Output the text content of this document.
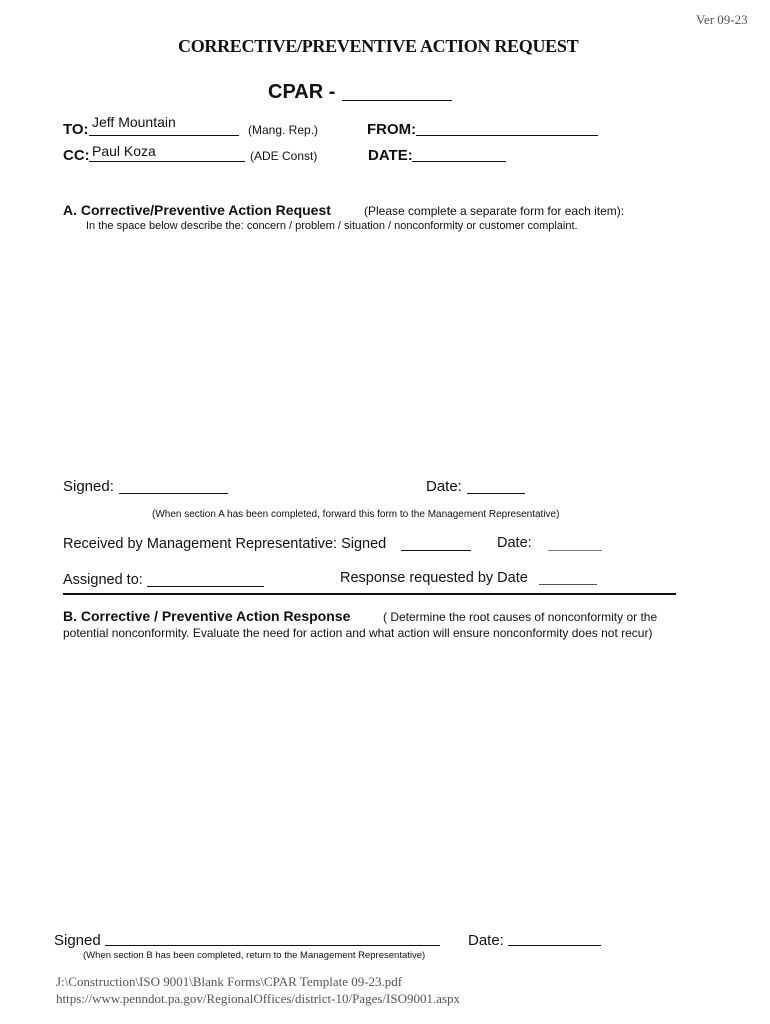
Ver 09-23
CORRECTIVE/PREVENTIVE ACTION REQUEST
CPAR -
TO: Jeff Mountain	(Mang. Rep.)	FROM:
CC: Paul Koza	(ADE Const)	DATE:
A. Corrective/Preventive Action Request	(Please complete a separate form for each item):
In the space below describe the: concern / problem / situation / nonconformity or customer complaint.
Signed:	Date:
(When section A has been completed, forward this form to the Management Representative)
Received by Management Representative: Signed	Date:
Assigned to:	Response requested by Date
B. Corrective / Preventive Action Response	( Determine the root causes of nonconformity or the
potential nonconformity. Evaluate the need for action and what action will ensure nonconformity does not recur)
Signed	Date:
(When section B has been completed, return to the Management Representative)
J:\Construction\ISO 9001\Blank Forms\CPAR Template 09-23.pdf
https://www.penndot.pa.gov/RegionalOffices/district-10/Pages/ISO9001.aspx
